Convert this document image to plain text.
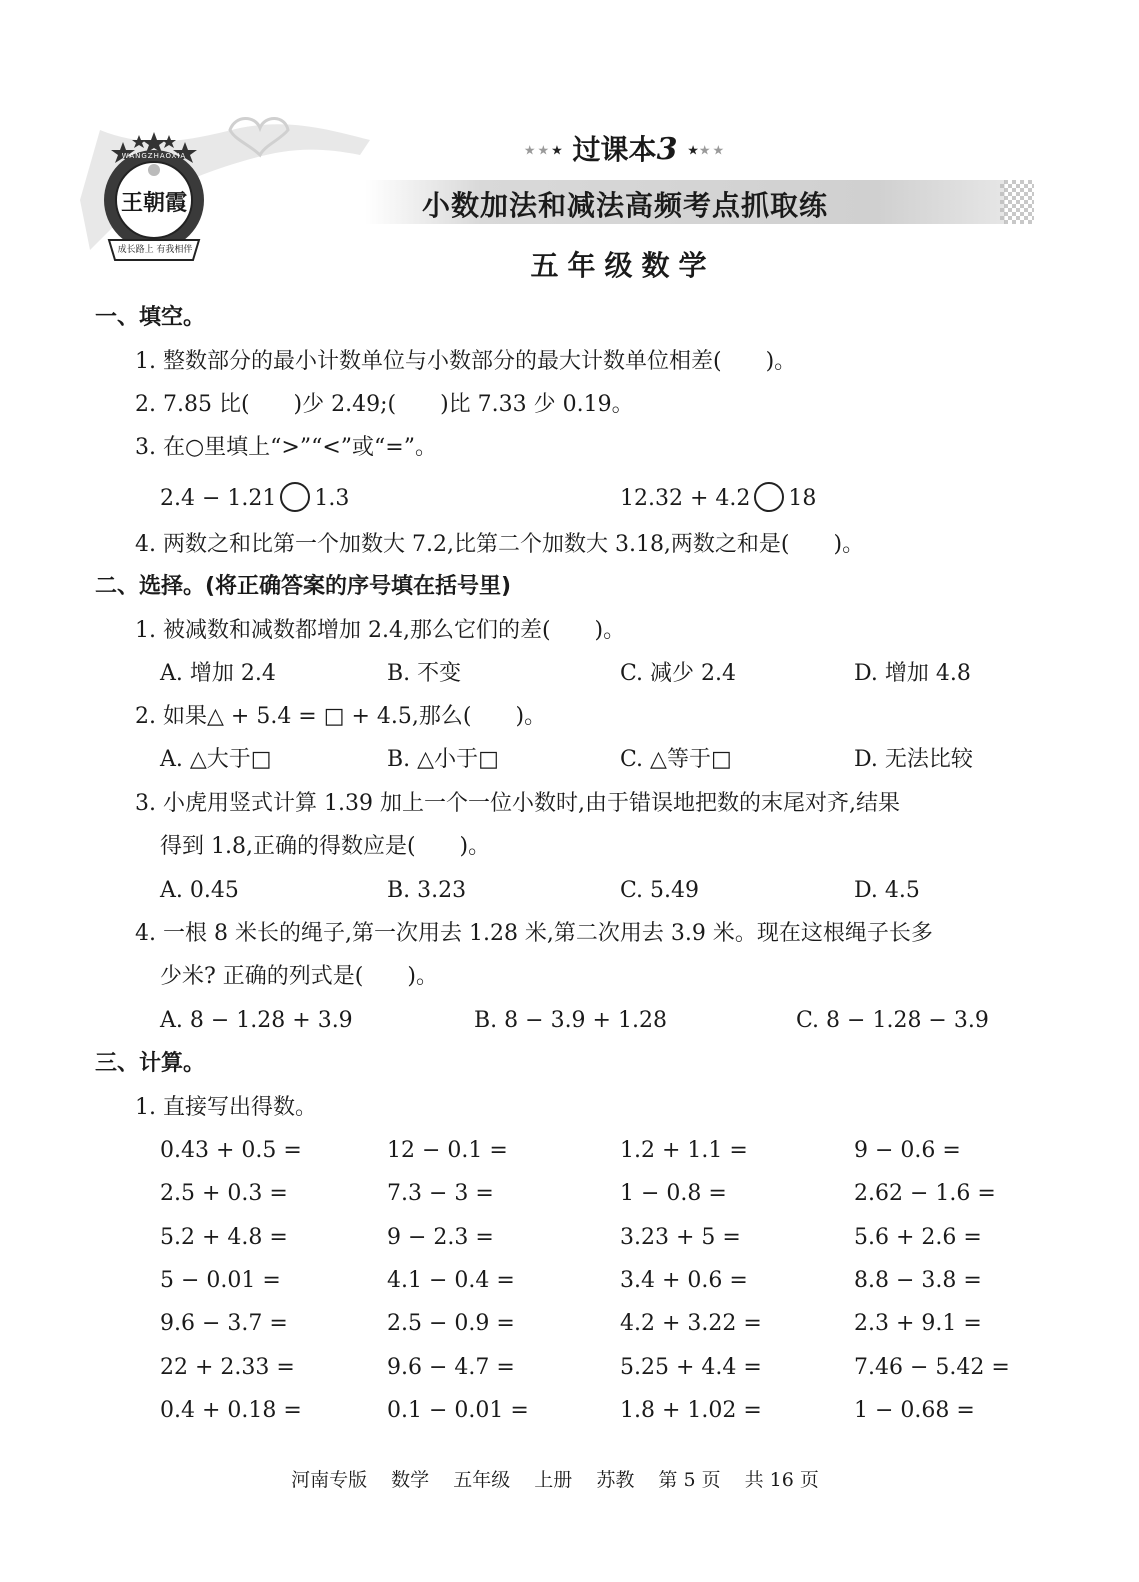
王朝霞
WANGZHAOXIA
成长路上 有我相伴
★★★ 过课本3 ★★★
小数加法和减法高频考点抓取练
五年级数学
一、填空。
1. 整数部分的最小计数单位与小数部分的最大计数单位相差(　　)。
2. 7.85 比(　　)少 2.49;(　　)比 7.33 少 0.19。
3. 在○里填上“>”“<”或“=”。
2.4 − 1.21 1.3	12.32 + 4.2 18
4. 两数之和比第一个加数大 7.2,比第二个加数大 3.18,两数之和是(　　)。
二、选择。(将正确答案的序号填在括号里)
1. 被减数和减数都增加 2.4,那么它们的差(　　)。
A. 增加 2.4	B. 不变	C. 减少 2.4	D. 增加 4.8
2. 如果△ + 5.4 = □ + 4.5,那么(　　)。
A. △大于□	B. △小于□	C. △等于□	D. 无法比较
3. 小虎用竖式计算 1.39 加上一个一位小数时,由于错误地把数的末尾对齐,结果
得到 1.8,正确的得数应是(　　)。
A. 0.45	B. 3.23	C. 5.49	D. 4.5
4. 一根 8 米长的绳子,第一次用去 1.28 米,第二次用去 3.9 米。现在这根绳子长多
少米? 正确的列式是(　　)。
A. 8 − 1.28 + 3.9	B. 8 − 3.9 + 1.28	C. 8 − 1.28 − 3.9
三、计算。
1. 直接写出得数。
0.43 + 0.5 =	12 − 0.1 =	1.2 + 1.1 =	9 − 0.6 =
2.5 + 0.3 =	7.3 − 3 =	1 − 0.8 =	2.62 − 1.6 =
5.2 + 4.8 =	9 − 2.3 =	3.23 + 5 =	5.6 + 2.6 =
5 − 0.01 =	4.1 − 0.4 =	3.4 + 0.6 =	8.8 − 3.8 =
9.6 − 3.7 =	2.5 − 0.9 =	4.2 + 3.22 =	2.3 + 9.1 =
22 + 2.33 =	9.6 − 4.7 =	5.25 + 4.4 =	7.46 − 5.42 =
0.4 + 0.18 =	0.1 − 0.01 =	1.8 + 1.02 =	1 − 0.68 =
河南专版 数学 五年级 上册 苏教 第 5 页 共 16 页
